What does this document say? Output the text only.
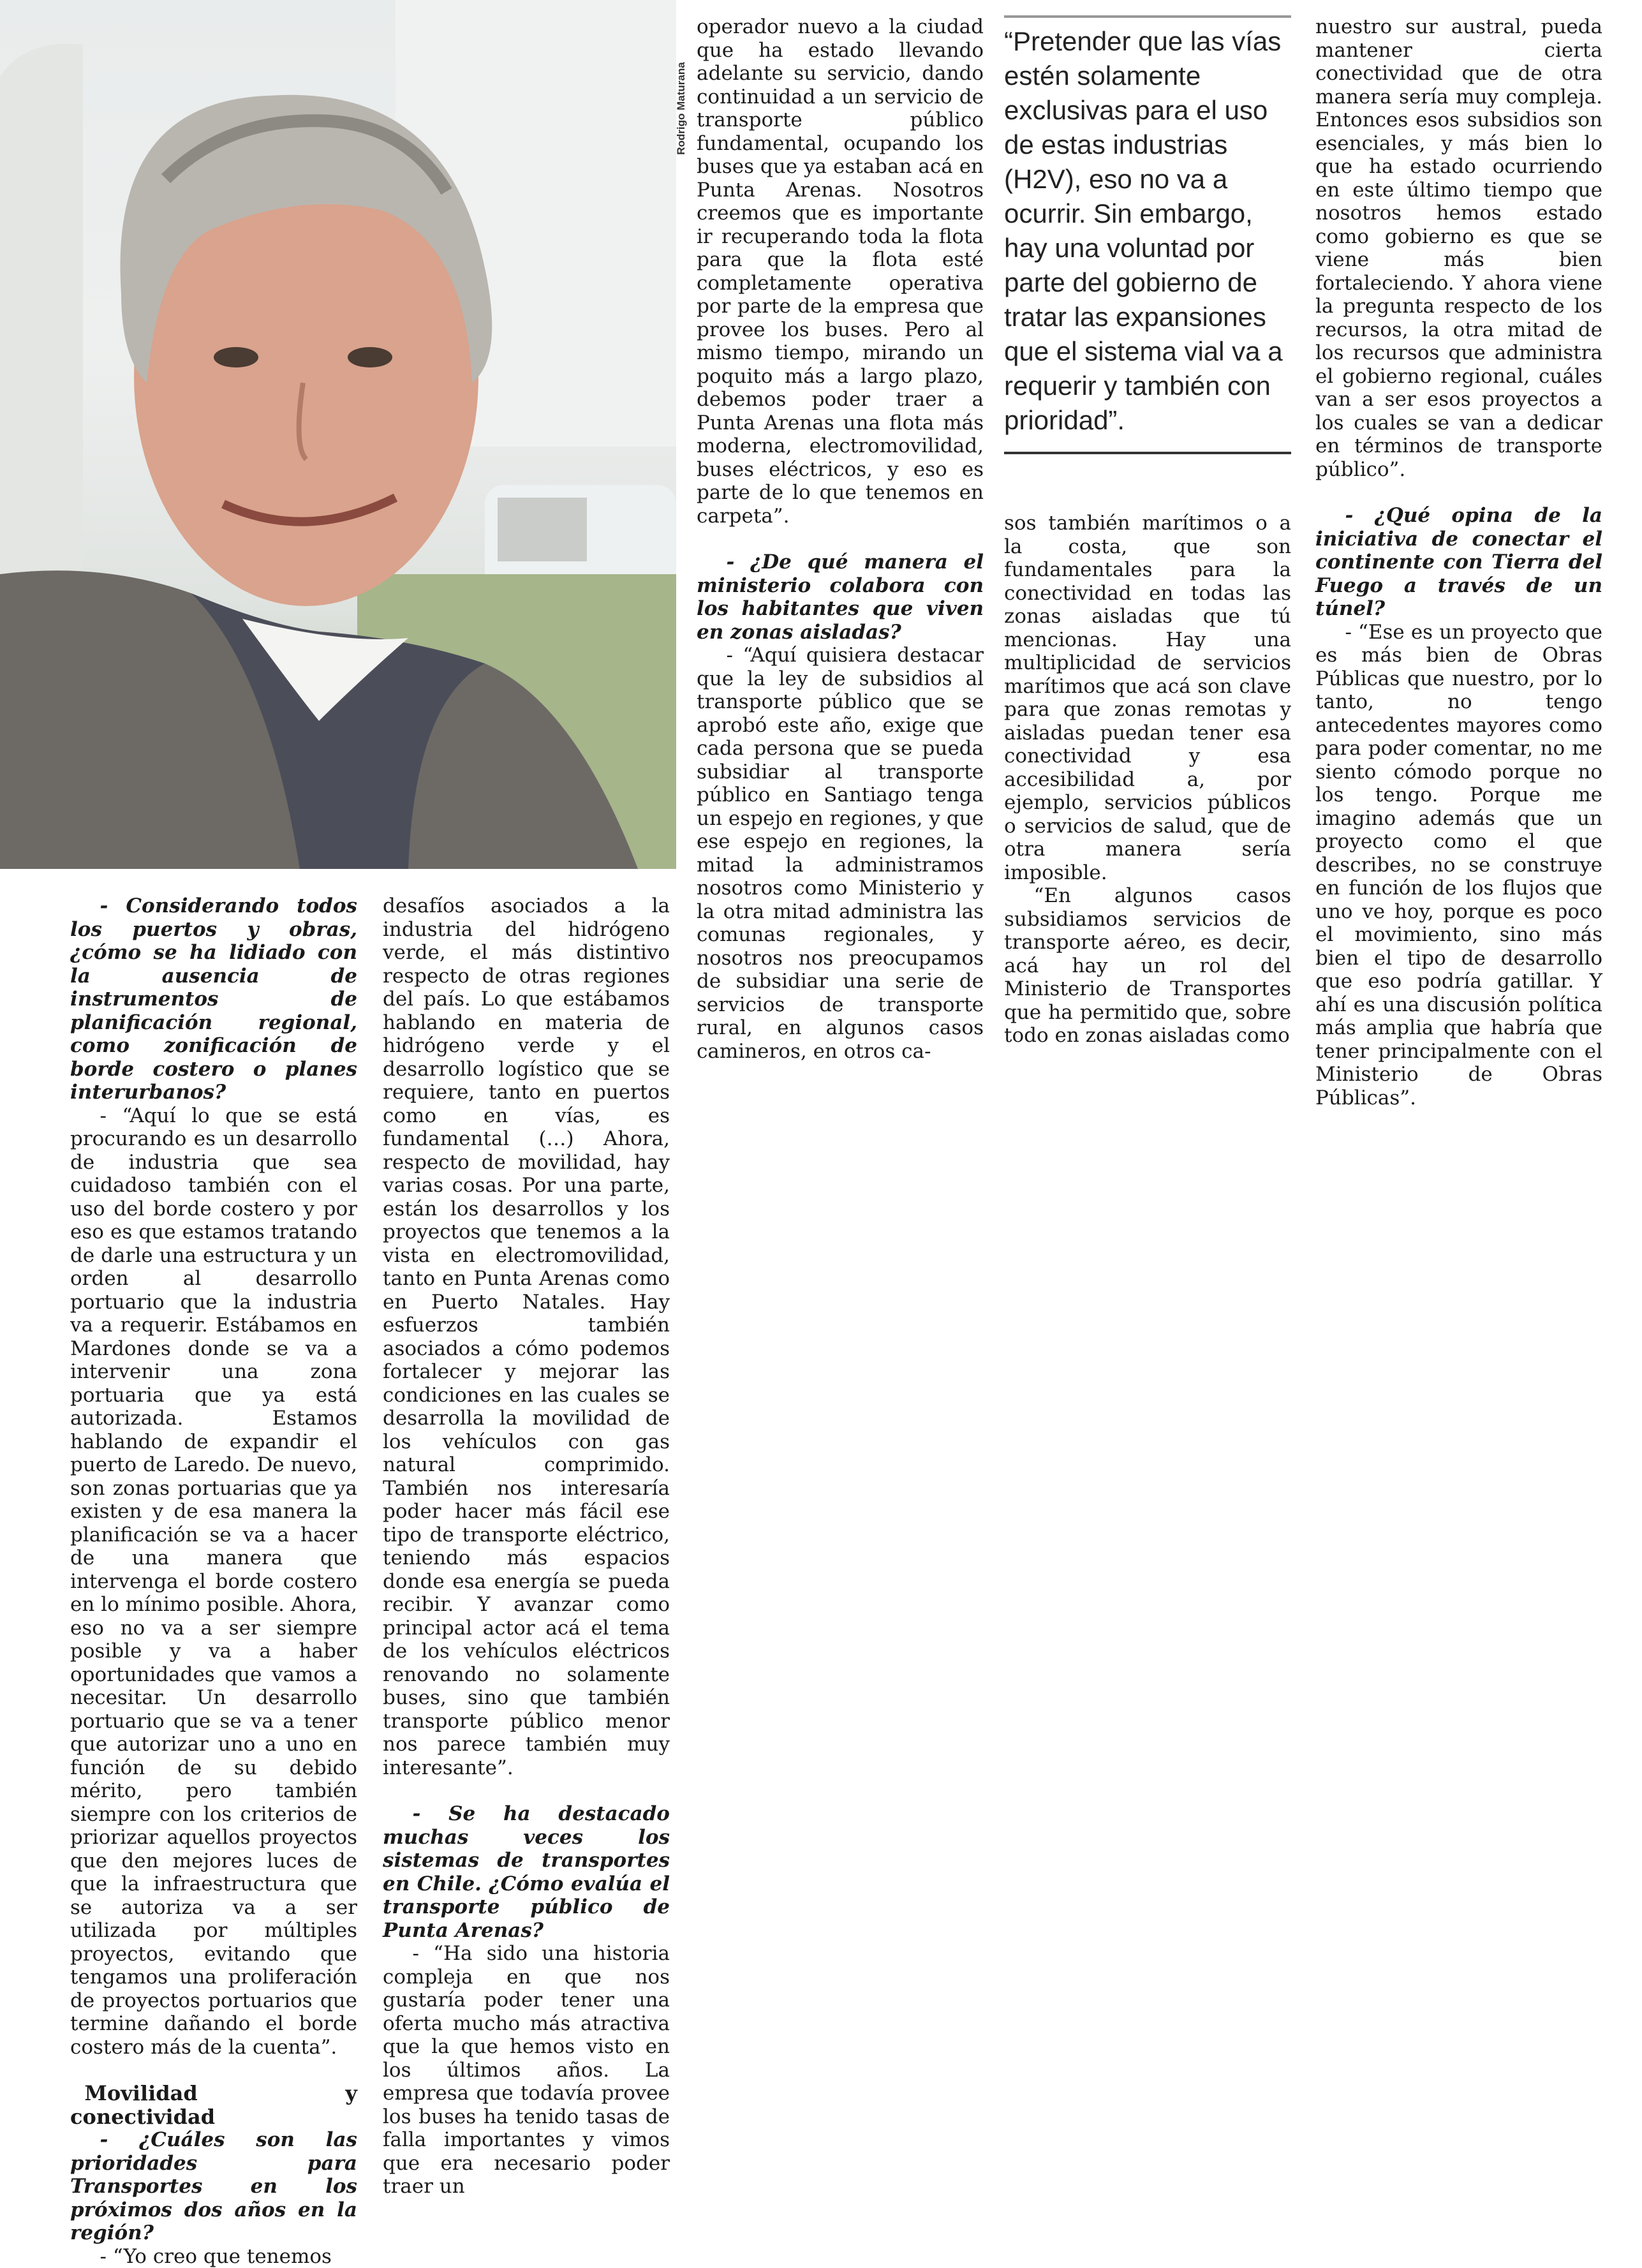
Rodrigo Maturana

- Considerando todos los puertos y obras, ¿cómo se ha lidiado con la ausencia de instrumentos de planificación regional, como zonificación de borde costero o planes interurbanos?

- “Aquí lo que se está procurando es un desarrollo de industria que sea cuidadoso también con el uso del borde costero y por eso es que estamos tratando de darle una estructura y un orden al desarrollo portuario que la industria va a requerir. Estábamos en Mardones donde se va a intervenir una zona portuaria que ya está autorizada. Estamos hablando de expandir el puerto de Laredo. De nuevo, son zonas portuarias que ya existen y de esa manera la planificación se va a hacer de una manera que intervenga el borde costero en lo mínimo posible. Ahora, eso no va a ser siempre posible y va a haber oportunidades que vamos a necesitar. Un desarrollo portuario que se va a tener que autorizar uno a uno en función de su debido mérito, pero también siempre con los criterios de priorizar aquellos proyectos que den mejores luces de que la infraestructura que se autoriza va a ser utilizada por múltiples proyectos, evitando que tengamos una proliferación de proyectos portuarios que termine dañando el borde costero más de la cuenta”.

Movilidad y conectividad

- ¿Cuáles son las prioridades para Transportes en los próximos dos años en la región?

- “Yo creo que tenemos

desafíos asociados a la industria del hidrógeno verde, el más distintivo respecto de otras regiones del país. Lo que estábamos hablando en materia de hidrógeno verde y el desarrollo logístico que se requiere, tanto en puertos como en vías, es fundamental (…) Ahora, respecto de movilidad, hay varias cosas. Por una parte, están los desarrollos y los proyectos que tenemos a la vista en electromovilidad, tanto en Punta Arenas como en Puerto Natales. Hay esfuerzos también asociados a cómo podemos fortalecer y mejorar las condiciones en las cuales se desarrolla la movilidad de los vehículos con gas natural comprimido. También nos interesaría poder hacer más fácil ese tipo de transporte eléctrico, teniendo más espacios donde esa energía se pueda recibir. Y avanzar como principal actor acá el tema de los vehículos eléctricos renovando no solamente buses, sino que también transporte público menor nos parece también muy interesante”.

- Se ha destacado muchas veces los sistemas de transportes en Chile. ¿Cómo evalúa el transporte público de Punta Arenas?

- “Ha sido una historia compleja en que nos gustaría poder tener una oferta mucho más atractiva que la que hemos visto en los últimos años. La empresa que todavía provee los buses ha tenido tasas de falla importantes y vimos que era necesario poder traer un

operador nuevo a la ciudad que ha estado llevando adelante su servicio, dando continuidad a un servicio de transporte público fundamental, ocupando los buses que ya estaban acá en Punta Arenas. Nosotros creemos que es importante ir recuperando toda la flota para que la flota esté completamente operativa por parte de la empresa que provee los buses. Pero al mismo tiempo, mirando un poquito más a largo plazo, debemos poder traer a Punta Arenas una flota más moderna, electromovilidad, buses eléctricos, y eso es parte de lo que tenemos en carpeta”.

- ¿De qué manera el ministerio colabora con los habitantes que viven en zonas aisladas?

- “Aquí quisiera destacar que la ley de subsidios al transporte público que se aprobó este año, exige que cada persona que se pueda subsidiar al transporte público en Santiago tenga un espejo en regiones, y que ese espejo en regiones, la mitad la administramos nosotros como Ministerio y la otra mitad administra las comunas regionales, y nosotros nos preocupamos de subsidiar una serie de servicios de transporte rural, en algunos casos camineros, en otros ca-

“Pretender que las vías estén solamente exclusivas para el uso de estas industrias (H2V), eso no va a ocurrir. Sin embargo, hay una voluntad por parte del gobierno de tratar las expansiones que el sistema vial va a requerir y también con prioridad”.

sos también marítimos o a la costa, que son fundamentales para la conectividad en todas las zonas aisladas que tú mencionas. Hay una multiplicidad de servicios marítimos que acá son clave para que zonas remotas y aisladas puedan tener esa conectividad y esa accesibilidad a, por ejemplo, servicios públicos o servicios de salud, que de otra manera sería imposible.

“En algunos casos subsidiamos servicios de transporte aéreo, es decir, acá hay un rol del Ministerio de Transportes que ha permitido que, sobre todo en zonas aisladas como

nuestro sur austral, pueda mantener cierta conectividad que de otra manera sería muy compleja. Entonces esos subsidios son esenciales, y más bien lo que ha estado ocurriendo en este último tiempo que nosotros hemos estado como gobierno es que se viene más bien fortaleciendo. Y ahora viene la pregunta respecto de los recursos, la otra mitad de los recursos que administra el gobierno regional, cuáles van a ser esos proyectos a los cuales se van a dedicar en términos de transporte público”.

- ¿Qué opina de la iniciativa de conectar el continente con Tierra del Fuego a través de un túnel?

- “Ese es un proyecto que es más bien de Obras Públicas que nuestro, por lo tanto, no tengo antecedentes mayores como para poder comentar, no me siento cómodo porque no los tengo. Porque me imagino además que un proyecto como el que describes, no se construye en función de los flujos que uno ve hoy, porque es poco el movimiento, sino más bien el tipo de desarrollo que eso podría gatillar. Y ahí es una discusión política más amplia que habría que tener principalmente con el Ministerio de Obras Públicas”.
